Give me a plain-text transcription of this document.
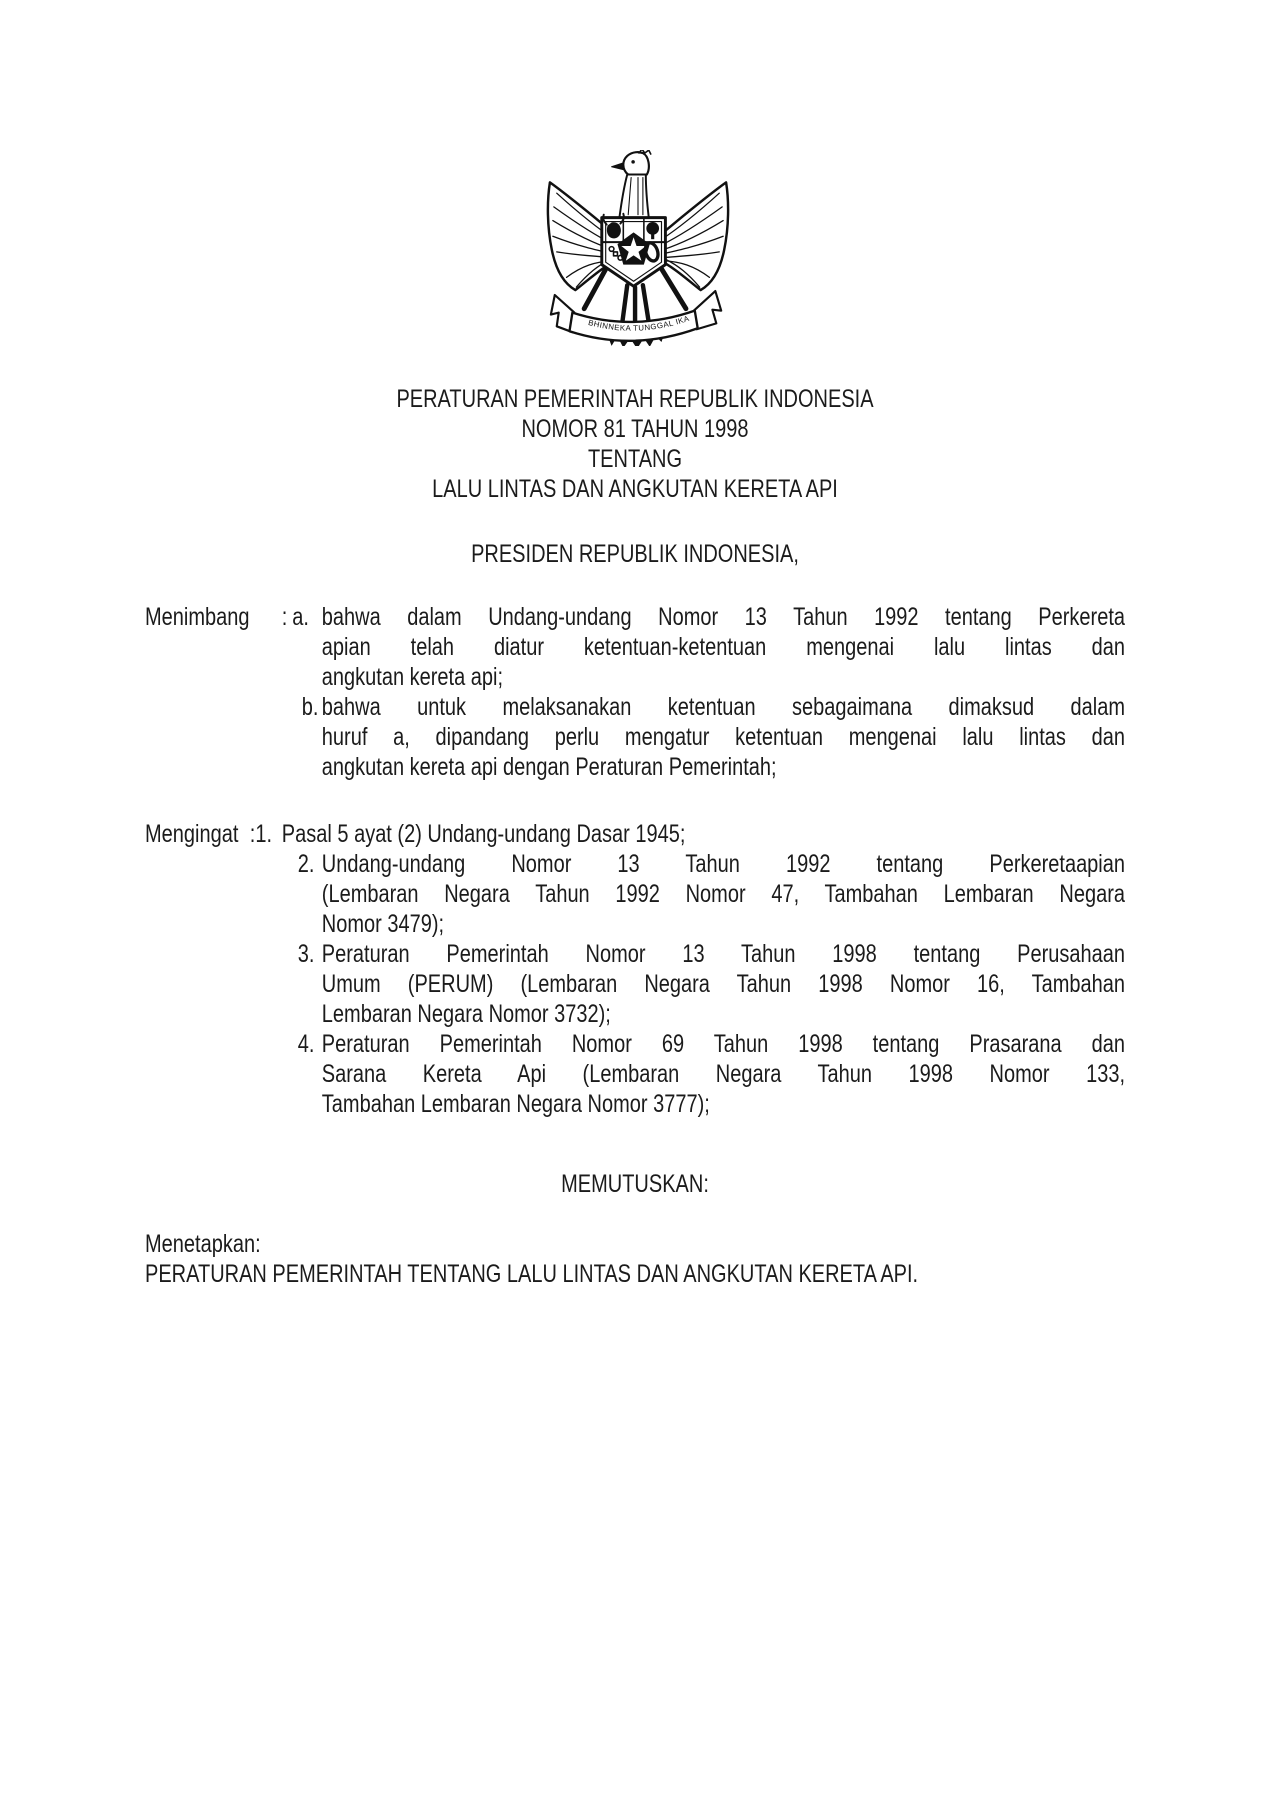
BHINNEKA TUNGGAL IKA
PERATURAN PEMERINTAH REPUBLIK INDONESIA
NOMOR 81 TAHUN 1998
TENTANG
LALU LINTAS DAN ANGKUTAN KERETA API
PRESIDEN REPUBLIK INDONESIA,
Menimbang : a. bahwa dalam Undang-undang Nomor 13 Tahun 1992 tentang Perkereta
apian telah diatur ketentuan-ketentuan mengenai lalu lintas dan
angkutan kereta api;
b. bahwa untuk melaksanakan ketentuan sebagaimana dimaksud dalam
huruf a, dipandang perlu mengatur ketentuan mengenai lalu lintas dan
angkutan kereta api dengan Peraturan Pemerintah;
Mengingat :1. Pasal 5 ayat (2) Undang-undang Dasar 1945;
2. Undang-undang Nomor 13 Tahun 1992 tentang Perkeretaapian
(Lembaran Negara Tahun 1992 Nomor 47, Tambahan Lembaran Negara
Nomor 3479);
3. Peraturan Pemerintah Nomor 13 Tahun 1998 tentang Perusahaan
Umum (PERUM) (Lembaran Negara Tahun 1998 Nomor 16, Tambahan
Lembaran Negara Nomor 3732);
4. Peraturan Pemerintah Nomor 69 Tahun 1998 tentang Prasarana dan
Sarana Kereta Api (Lembaran Negara Tahun 1998 Nomor 133,
Tambahan Lembaran Negara Nomor 3777);
MEMUTUSKAN:
Menetapkan:
PERATURAN PEMERINTAH TENTANG LALU LINTAS DAN ANGKUTAN KERETA API.
